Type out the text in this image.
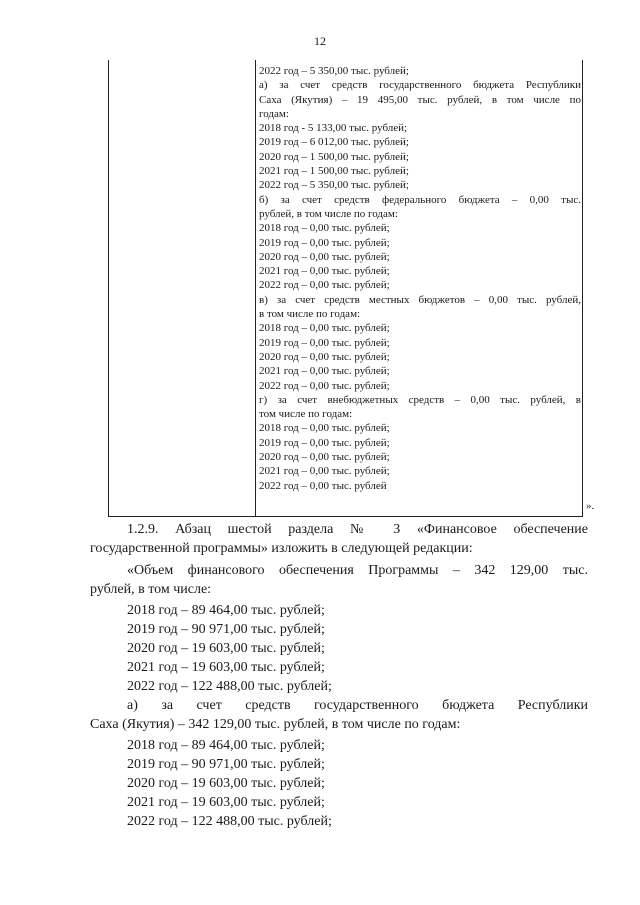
12
2022 год – 5 350,00 тыс. рублей;
а) за счет средств государственного бюджета Республики
Саха (Якутия) – 19 495,00 тыс. рублей, в том числе по
годам:
2018 год - 5 133,00 тыс. рублей;
2019 год – 6 012,00 тыс. рублей;
2020 год – 1 500,00 тыс. рублей;
2021 год – 1 500,00 тыс. рублей;
2022 год – 5 350,00 тыс. рублей;
б) за счет средств федерального бюджета – 0,00 тыс.
рублей, в том числе по годам:
2018 год – 0,00 тыс. рублей;
2019 год – 0,00 тыс. рублей;
2020 год – 0,00 тыс. рублей;
2021 год – 0,00 тыс. рублей;
2022 год – 0,00 тыс. рублей;
в) за счет средств местных бюджетов – 0,00 тыс. рублей,
в том числе по годам:
2018 год – 0,00 тыс. рублей;
2019 год – 0,00 тыс. рублей;
2020 год – 0,00 тыс. рублей;
2021 год – 0,00 тыс. рублей;
2022 год – 0,00 тыс. рублей;
г) за счет внебюджетных средств – 0,00 тыс. рублей, в
том числе по годам:
2018 год – 0,00 тыс. рублей;
2019 год – 0,00 тыс. рублей;
2020 год – 0,00 тыс. рублей;
2021 год – 0,00 тыс. рублей;
2022 год – 0,00 тыс. рублей
».
1.2.9. Абзац шестой раздела № 3 «Финансовое обеспечение
государственной программы» изложить в следующей редакции:
«Объем финансового обеспечения Программы – 342 129,00 тыс.
рублей, в том числе:
2018 год – 89 464,00 тыс. рублей;
2019 год – 90 971,00 тыс. рублей;
2020 год – 19 603,00 тыс. рублей;
2021 год – 19 603,00 тыс. рублей;
2022 год – 122 488,00 тыс. рублей;
а) за счет средств государственного бюджета Республики
Саха (Якутия) – 342 129,00 тыс. рублей, в том числе по годам:
2018 год – 89 464,00 тыс. рублей;
2019 год – 90 971,00 тыс. рублей;
2020 год – 19 603,00 тыс. рублей;
2021 год – 19 603,00 тыс. рублей;
2022 год – 122 488,00 тыс. рублей;
